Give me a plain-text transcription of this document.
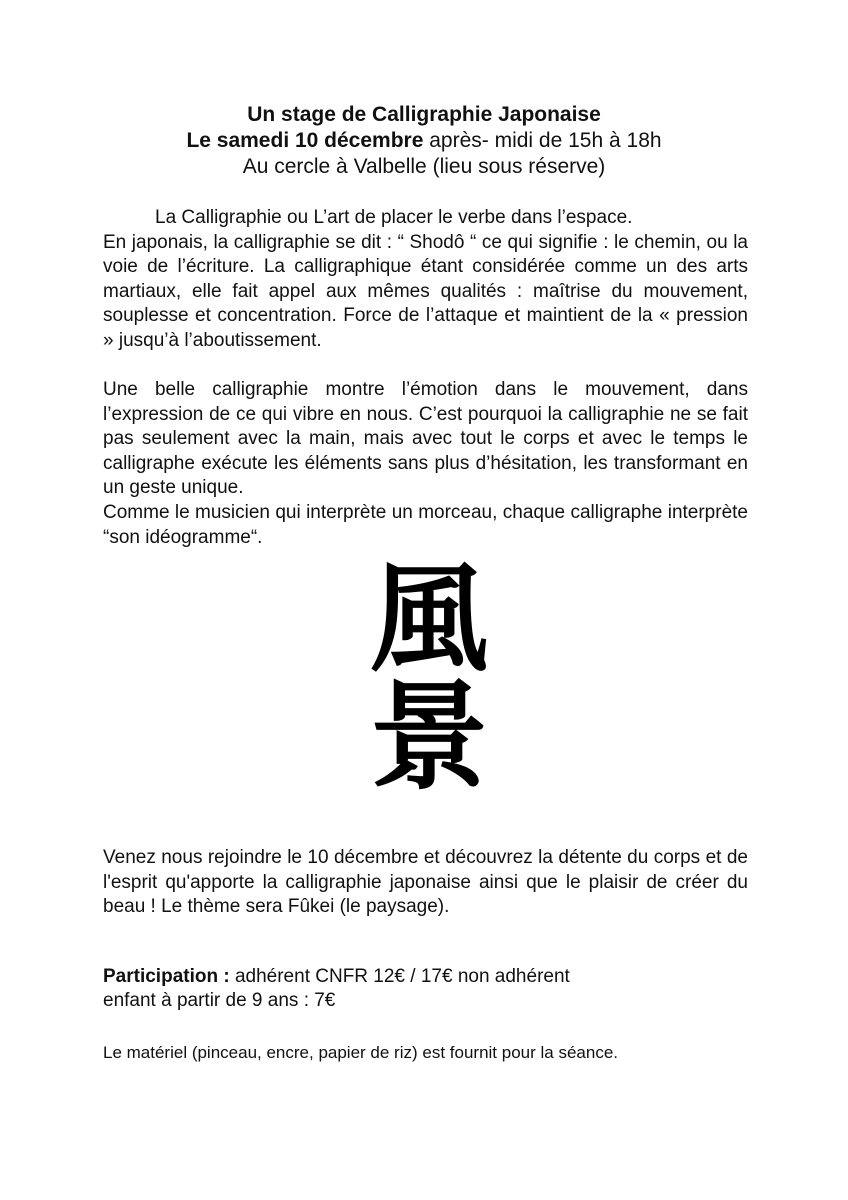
Un stage de Calligraphie Japonaise
Le samedi 10 décembre après- midi de 15h à 18h
Au cercle à Valbelle (lieu sous réserve)

La Calligraphie ou L’art de placer le verbe dans l’espace.

En japonais, la calligraphie se dit : “ Shodô “ ce qui signifie : le chemin, ou la voie de l’écriture. La calligraphique étant considérée comme un des arts martiaux, elle fait appel aux mêmes qualités : maîtrise du mouvement, souplesse et concentration. Force de l’attaque et maintient de la « pression » jusqu’à l’aboutissement.

Une belle calligraphie montre l’émotion dans le mouvement, dans l’expression de ce qui vibre en nous. C’est pourquoi la calligraphie ne se fait pas seulement avec la main, mais avec tout le corps et avec le temps le calligraphe exécute les éléments sans plus d’hésitation, les transformant en un geste unique.

Comme le musicien qui interprète un morceau, chaque calligraphe interprète “son idéogramme“.

風
景

Venez nous rejoindre le 10 décembre et découvrez la détente du corps et de l'esprit qu'apporte la calligraphie japonaise ainsi que le plaisir de créer du beau ! Le thème sera Fûkei (le paysage).

Participation : adhérent CNFR 12€ / 17€ non adhérent
enfant à partir de 9 ans : 7€
Le matériel (pinceau, encre, papier de riz) est fournit pour la séance.
